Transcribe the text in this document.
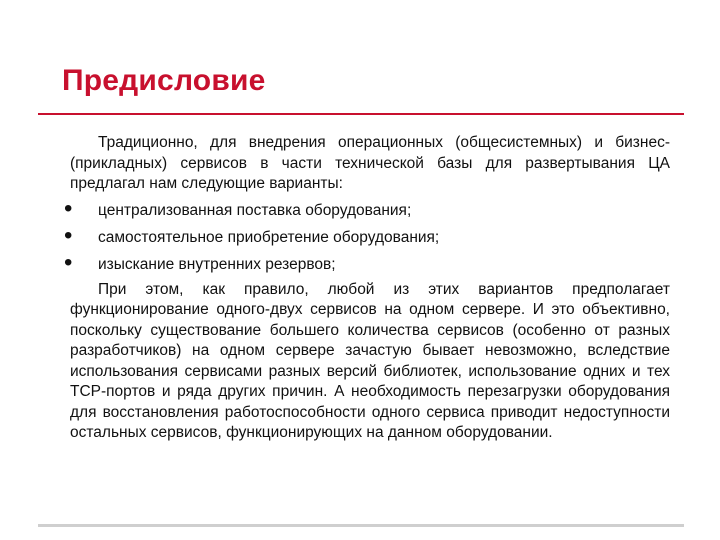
Предисловие

Традиционно, для внедрения операционных (общесистемных) и бизнес- (прикладных) сервисов в части технической базы для развертывания ЦА предлагал нам следующие варианты:

• централизованная поставка оборудования;
• самостоятельное приобретение оборудования;
• изыскание внутренних резервов;

При этом, как правило, любой из этих вариантов предполагает функционирование одного-двух сервисов на одном сервере. И это объективно, поскольку существование большего количества сервисов (особенно от разных разработчиков) на одном сервере зачастую бывает невозможно, вследствие использования сервисами разных версий библиотек, использование одних и тех TCP-портов и ряда других причин. А необходимость перезагрузки оборудования для восстановления работоспособности одного сервиса приводит недоступности остальных сервисов, функционирующих на данном оборудовании.
